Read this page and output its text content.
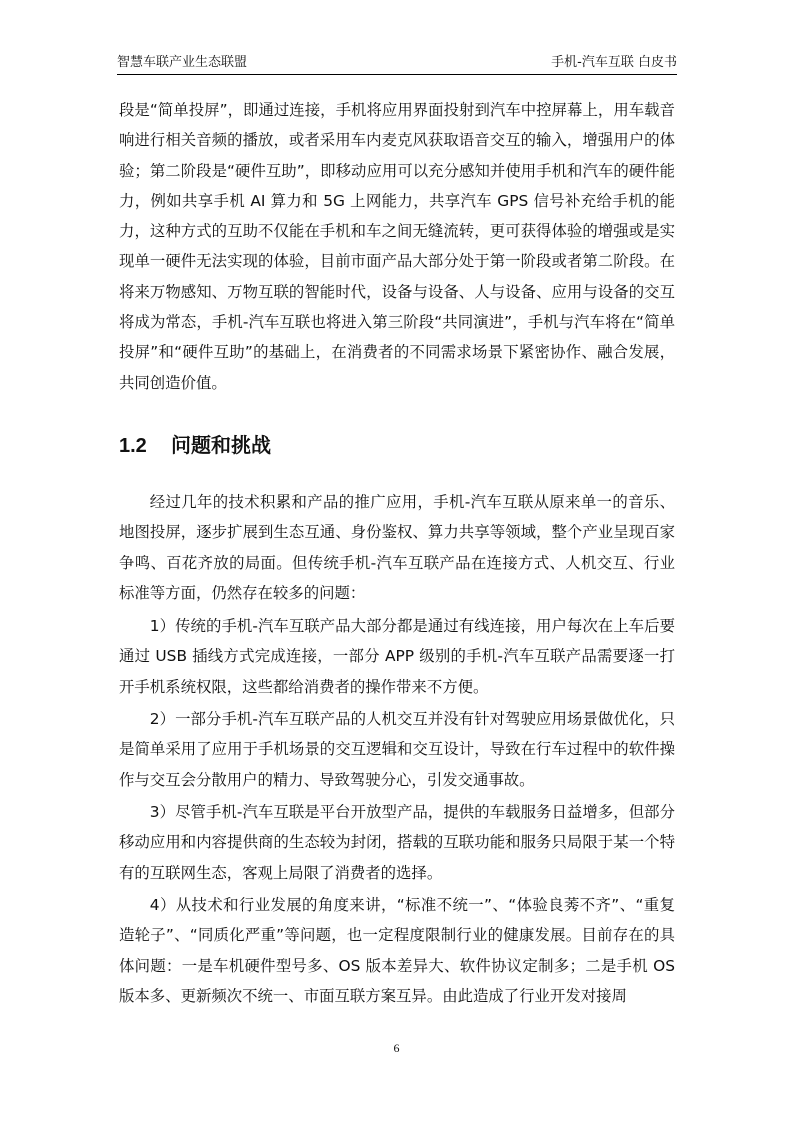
智慧车联产业生态联盟	手机-汽车互联 白皮书

段是“简单投屏”，即通过连接，手机将应用界面投射到汽车中控屏幕上，用车载音响进行相关音频的播放，或者采用车内麦克风获取语音交互的输入，增强用户的体验；第二阶段是“硬件互助”，即移动应用可以充分感知并使用手机和汽车的硬件能力，例如共享手机 AI 算力和 5G 上网能力，共享汽车 GPS 信号补充给手机的能力，这种方式的互助不仅能在手机和车之间无缝流转，更可获得体验的增强或是实现单一硬件无法实现的体验，目前市面产品大部分处于第一阶段或者第二阶段。在将来万物感知、万物互联的智能时代，设备与设备、人与设备、应用与设备的交互将成为常态，手机-汽车互联也将进入第三阶段“共同演进”，手机与汽车将在“简单投屏”和“硬件互助”的基础上，在消费者的不同需求场景下紧密协作、融合发展，共同创造价值。

1.2 问题和挑战

经过几年的技术积累和产品的推广应用，手机-汽车互联从原来单一的音乐、地图投屏，逐步扩展到生态互通、身份鉴权、算力共享等领域，整个产业呈现百家争鸣、百花齐放的局面。但传统手机-汽车互联产品在连接方式、人机交互、行业标准等方面，仍然存在较多的问题：

1）传统的手机-汽车互联产品大部分都是通过有线连接，用户每次在上车后要通过 USB 插线方式完成连接，一部分 APP 级别的手机-汽车互联产品需要逐一打开手机系统权限，这些都给消费者的操作带来不方便。

2）一部分手机-汽车互联产品的人机交互并没有针对驾驶应用场景做优化，只是简单采用了应用于手机场景的交互逻辑和交互设计，导致在行车过程中的软件操作与交互会分散用户的精力、导致驾驶分心，引发交通事故。

3）尽管手机-汽车互联是平台开放型产品，提供的车载服务日益增多，但部分移动应用和内容提供商的生态较为封闭，搭载的互联功能和服务只局限于某一个特有的互联网生态，客观上局限了消费者的选择。

4）从技术和行业发展的角度来讲，“标准不统一”、“体验良莠不齐”、“重复造轮子”、“同质化严重”等问题，也一定程度限制行业的健康发展。目前存在的具体问题：一是车机硬件型号多、OS 版本差异大、软件协议定制多；二是手机 OS 版本多、更新频次不统一、市面互联方案互异。由此造成了行业开发对接周

6
